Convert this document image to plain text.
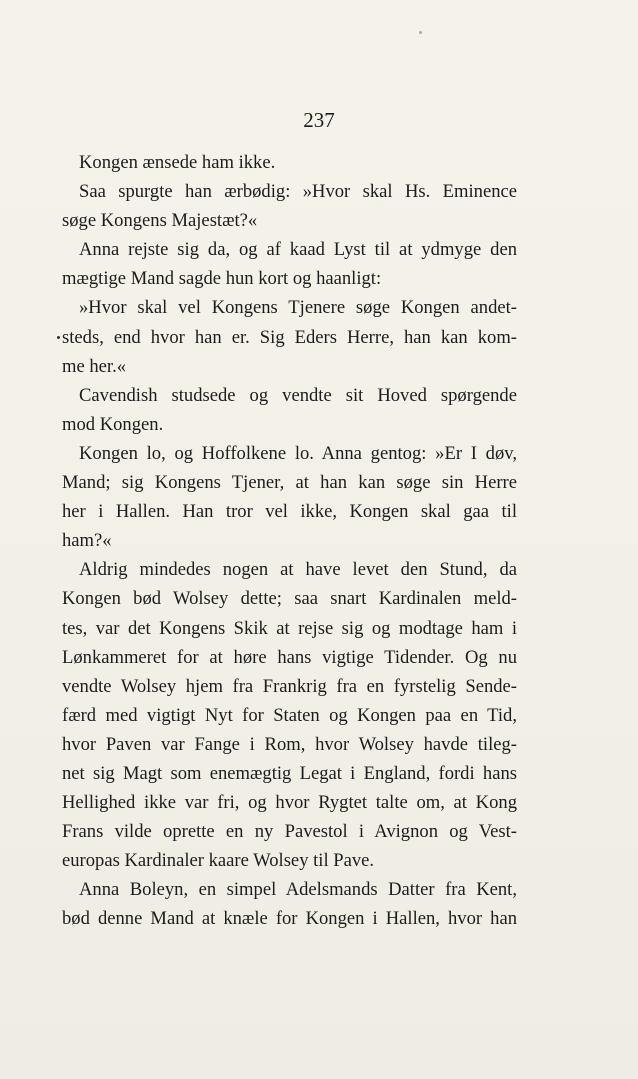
237
Kongen ænsede ham ikke.
Saa spurgte han ærbødig: »Hvor skal Hs. Eminence
søge Kongens Majestæt?«
Anna rejste sig da, og af kaad Lyst til at ydmyge den
mægtige Mand sagde hun kort og haanligt:
»Hvor skal vel Kongens Tjenere søge Kongen andet-
steds, end hvor han er. Sig Eders Herre, han kan kom-
me her.«
Cavendish studsede og vendte sit Hoved spørgende
mod Kongen.
Kongen lo, og Hoffolkene lo. Anna gentog: »Er I døv,
Mand; sig Kongens Tjener, at han kan søge sin Herre
her i Hallen. Han tror vel ikke, Kongen skal gaa til
ham?«
Aldrig mindedes nogen at have levet den Stund, da
Kongen bød Wolsey dette; saa snart Kardinalen meld-
tes, var det Kongens Skik at rejse sig og modtage ham i
Lønkammeret for at høre hans vigtige Tidender. Og nu
vendte Wolsey hjem fra Frankrig fra en fyrstelig Sende-
færd med vigtigt Nyt for Staten og Kongen paa en Tid,
hvor Paven var Fange i Rom, hvor Wolsey havde tileg-
net sig Magt som enemægtig Legat i England, fordi hans
Hellighed ikke var fri, og hvor Rygtet talte om, at Kong
Frans vilde oprette en ny Pavestol i Avignon og Vest-
europas Kardinaler kaare Wolsey til Pave.
Anna Boleyn, en simpel Adelsmands Datter fra Kent,
bød denne Mand at knæle for Kongen i Hallen, hvor han
